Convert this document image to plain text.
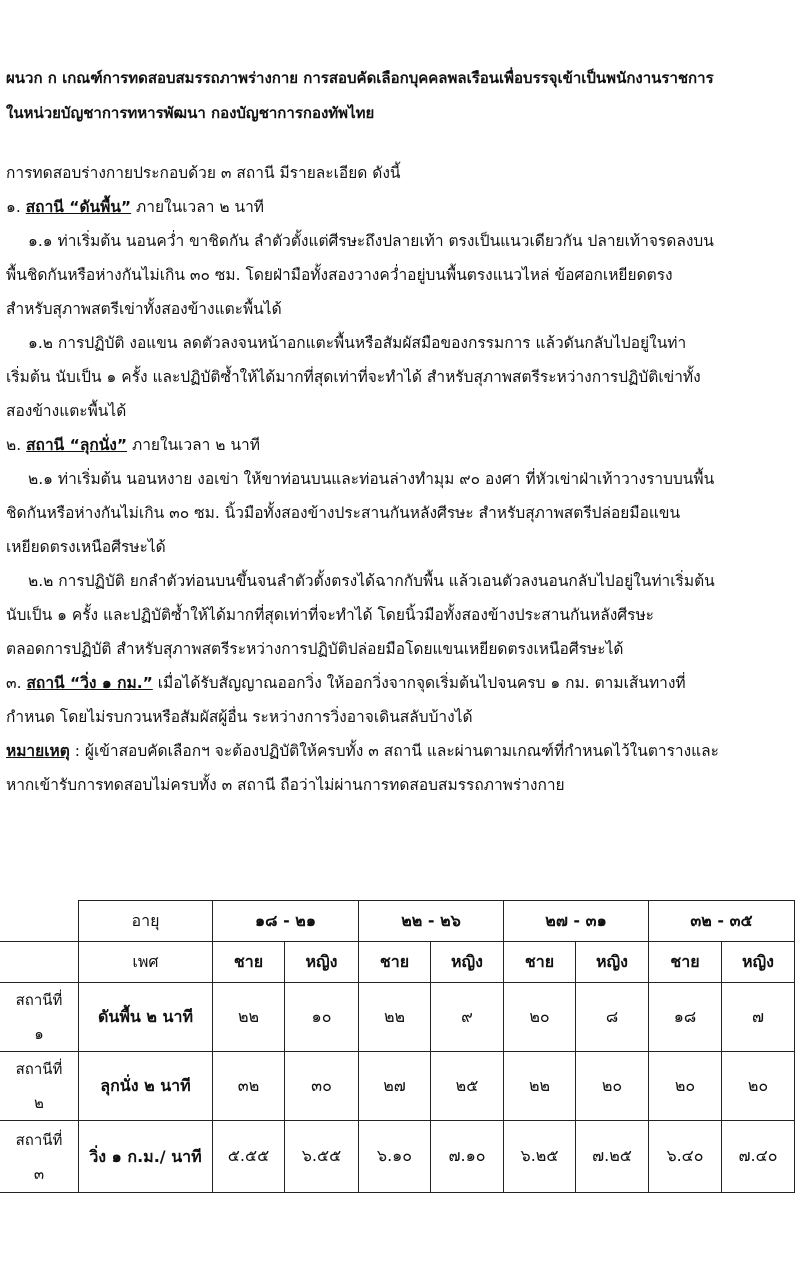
ผนวก ก เกณฑ์การทดสอบสมรรถภาพร่างกาย การสอบคัดเลือกบุคคลพลเรือนเพื่อบรรจุเข้าเป็นพนักงานราชการ
ในหน่วยบัญชาการทหารพัฒนา กองบัญชาการกองทัพไทย
การทดสอบร่างกายประกอบด้วย ๓ สถานี มีรายละเอียด ดังนี้
๑. สถานี “ดันพื้น” ภายในเวลา ๒ นาที
๑.๑ ท่าเริ่มต้น นอนคว่ำ ขาชิดกัน ลำตัวตั้งแต่ศีรษะถึงปลายเท้า ตรงเป็นแนวเดียวกัน ปลายเท้าจรดลงบน
พื้นชิดกันหรือห่างกันไม่เกิน ๓๐ ซม. โดยฝ่ามือทั้งสองวางคว่ำอยู่บนพื้นตรงแนวไหล่ ข้อศอกเหยียดตรง
สำหรับสุภาพสตรีเข่าทั้งสองข้างแตะพื้นได้
๑.๒ การปฏิบัติ งอแขน ลดตัวลงจนหน้าอกแตะพื้นหรือสัมผัสมือของกรรมการ แล้วดันกลับไปอยู่ในท่า
เริ่มต้น นับเป็น ๑ ครั้ง และปฏิบัติซ้ำให้ได้มากที่สุดเท่าที่จะทำได้ สำหรับสุภาพสตรีระหว่างการปฏิบัติเข่าทั้ง
สองข้างแตะพื้นได้
๒. สถานี “ลุกนั่ง” ภายในเวลา ๒ นาที
๒.๑ ท่าเริ่มต้น นอนหงาย งอเข่า ให้ขาท่อนบนและท่อนล่างทำมุม ๙๐ องศา ที่หัวเข่าฝ่าเท้าวางราบบนพื้น
ชิดกันหรือห่างกันไม่เกิน ๓๐ ซม. นิ้วมือทั้งสองข้างประสานกันหลังศีรษะ สำหรับสุภาพสตรีปล่อยมือแขน
เหยียดตรงเหนือศีรษะได้
๒.๒ การปฏิบัติ ยกลำตัวท่อนบนขึ้นจนลำตัวตั้งตรงได้ฉากกับพื้น แล้วเอนตัวลงนอนกลับไปอยู่ในท่าเริ่มต้น
นับเป็น ๑ ครั้ง และปฏิบัติซ้ำให้ได้มากที่สุดเท่าที่จะทำได้ โดยนิ้วมือทั้งสองข้างประสานกันหลังศีรษะ
ตลอดการปฏิบัติ สำหรับสุภาพสตรีระหว่างการปฏิบัติปล่อยมือโดยแขนเหยียดตรงเหนือศีรษะได้
๓. สถานี “วิ่ง ๑ กม.” เมื่อได้รับสัญญาณออกวิ่ง ให้ออกวิ่งจากจุดเริ่มต้นไปจนครบ ๑ กม. ตามเส้นทางที่
กำหนด โดยไม่รบกวนหรือสัมผัสผู้อื่น ระหว่างการวิ่งอาจเดินสลับบ้างได้
หมายเหตุ : ผู้เข้าสอบคัดเลือกฯ จะต้องปฏิบัติให้ครบทั้ง ๓ สถานี และผ่านตามเกณฑ์ที่กำหนดไว้ในตารางและ
หากเข้ารับการทดสอบไม่ครบทั้ง ๓ สถานี ถือว่าไม่ผ่านการทดสอบสมรรถภาพร่างกาย
	อายุ	๑๘ - ๒๑		๒๒ - ๒๖		๒๗ - ๓๑		๓๒ - ๓๕	
	เพศ	ชาย	หญิง	ชาย	หญิง	ชาย	หญิง	ชาย	หญิง
สถานีที่
๑	ดันพื้น ๒ นาที	๒๒	๑๐	๒๒	๙	๒๐	๘	๑๘	๗
สถานีที่
๒	ลุกนั่ง ๒ นาที	๓๒	๓๐	๒๗	๒๕	๒๒	๒๐	๒๐	๒๐
สถานีที่
๓	วิ่ง ๑ ก.ม./ นาที	๕.๕๕	๖.๕๕	๖.๑๐	๗.๑๐	๖.๒๕	๗.๒๕	๖.๔๐	๗.๔๐
